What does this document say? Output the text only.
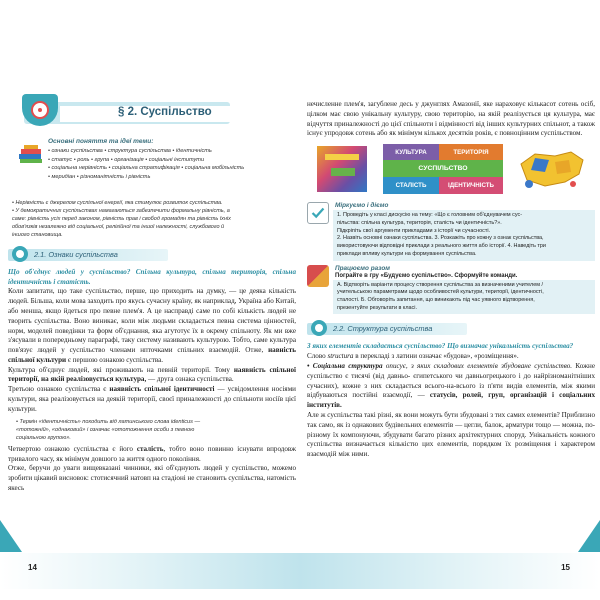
§ 2. Суспільство
Основні поняття та ідеї теми:
• ознаки суспільства • структура суспільства • ідентичність
• статус • роль • група • організація • соціальні інститути
• соціальна нерівність • соціальна стратифікація • соціальна мобільність
• меридіан • різноманітність і рівність
• Нерівність є джерелом суспільної енергії, яка стимулює розвиток суспільства.
• У демократичних суспільствах намагаються забезпечити формальну рівність, а
саме: рівність усіх перед законом, рівність прав і свобод громадян та рівність їхніх
обов'язків незалежно від соціальної, релігійної та іншої належності, службового й
іншого становища.
2.1. Ознаки суспільства

Що об'єднує людей у суспільство? Спільна культура, спільна територія, спільна ідентичність і статість.

Коли запитати, що таке суспільство, перше, що приходить на думку, — це деяка кількість людей. Більша, коли мова заходить про якусь сучасну країну, як наприклад, Україна або Китай, або менша, якщо йдеться про певне плем'я. А це насправді саме по собі кількість людей не творить суспільства. Воно виникає, коли між людьми складається певна система цінностей, норм, моделей поведінки та форм об'єднання, яка агутотує їх в окрему спільноту. Як ми вже з'ясували в попередньому параграфі, таку систему називають культурою. Тобто, саме культура пов'язує людей у суспільство членами нпточками спільних взаємодій. Отже, навність спільної культури є першою ознакою суспільства.

Культура об'єднує людей, які проживають на певній території. Тому наявність спільної території, на якій реалізовується культура, — друга ознака суспільства.

Третьою ознакою суспільства є наявність спільної ідентичності — усвідомлення носіями культури, яка реалізовується на деякій території, своєї приналежності до спільноти носіїв цієї культури.

• Термін «ідентичність» походить від латинського слова identicus —
«тотожній», «однаковий» і означає «ототожнення особи з певною
соціальною групою».

Четвертою ознакою суспільства є його сталість, тобто воно повинно існувати впродовж тривалого часу, як мінімум довшого за життя одного покоління.

Отже, беручи до уваги вищевказані чинники, які об'єднують людей у суспільство, можемо зробити цікавий висновок: стотисячний натовп на стадіоні не становить суспільства, натомість якесь

нечисленне плем'я, загублене десь у джунглях Амазонії, яке нараховує кількасот сотень осіб, цілком має свою унікальну культуру, свою територію, на якій реалізується ця культура, має відчуття приналежності до цієї спільноти і відмінності від інших культурних спільнот, а також існує упродовж сотень або як мінімум кількох десятків років, є повноцінним суспільством.

КУЛЬТУРА	ТЕРИТОРІЯ
СУСПІЛЬСТВО
СТАЛІСТЬ	ІДЕНТИЧНІСТЬ
Міркуємо і діємо
1. Проведіть у класі дискусію на тему: «Що є головним об'єднувачем сус-
пільства: спільна культура, територія, сталість чи ідентичність?».
Підкріпіть свої аргументи прикладами з історії чи сучасності.
2. Назвіть основні ознаки суспільства. 3. Розкажіть про кожну з ознак суспільства,
використовуючи відповідні приклади з реального життя або історії. 4. Наведіть три
приклади впливу культури на формування суспільства.
Працюємо разом
Пограйте в гру «Будуємо суспільство». Сформуйте команди.
А. Відтворіть варіанти процесу створення суспільства за визначеними учителем /
учительською параметрами щодо особливостей культури, території, ідентичності,
сталості. Б. Обговоріть запитання, що виникають під час уявного відтворення,
презентуйте результати в класі.
2.2. Структура суспільства

З яких елементів складається суспільство? Що визначає унікальність суспільства?

Слово structura в перекладі з латини означає «будова», «розміщення».

• Соціальна структура описує, з яких складових елементів збудоване суспільство. Кожне суспільство є тисячі (від давньо- єгипетського чи давньогрецького і до найрізноманітніших сучасних), кожне з них складається всього-на-всього із п'яти видів елементів, між якими відбуваються постійні взаємодії, — статусів, ролей, груп, організацій і соціальних інститутів.

Але ж суспільства такі різні, як вони можуть бути збудовані з тих самих елементів? Приблизно так само, як із однакових будівельних елементів — цегли, балок, арматури тощо — можна, по- різному їх компонуючи, збудувати багато різних архітектурних споруд. Унікальність кожного суспільства визначається кількістю цих елементів, порядком їх розміщення і характером взаємодій між ними.

14	15
